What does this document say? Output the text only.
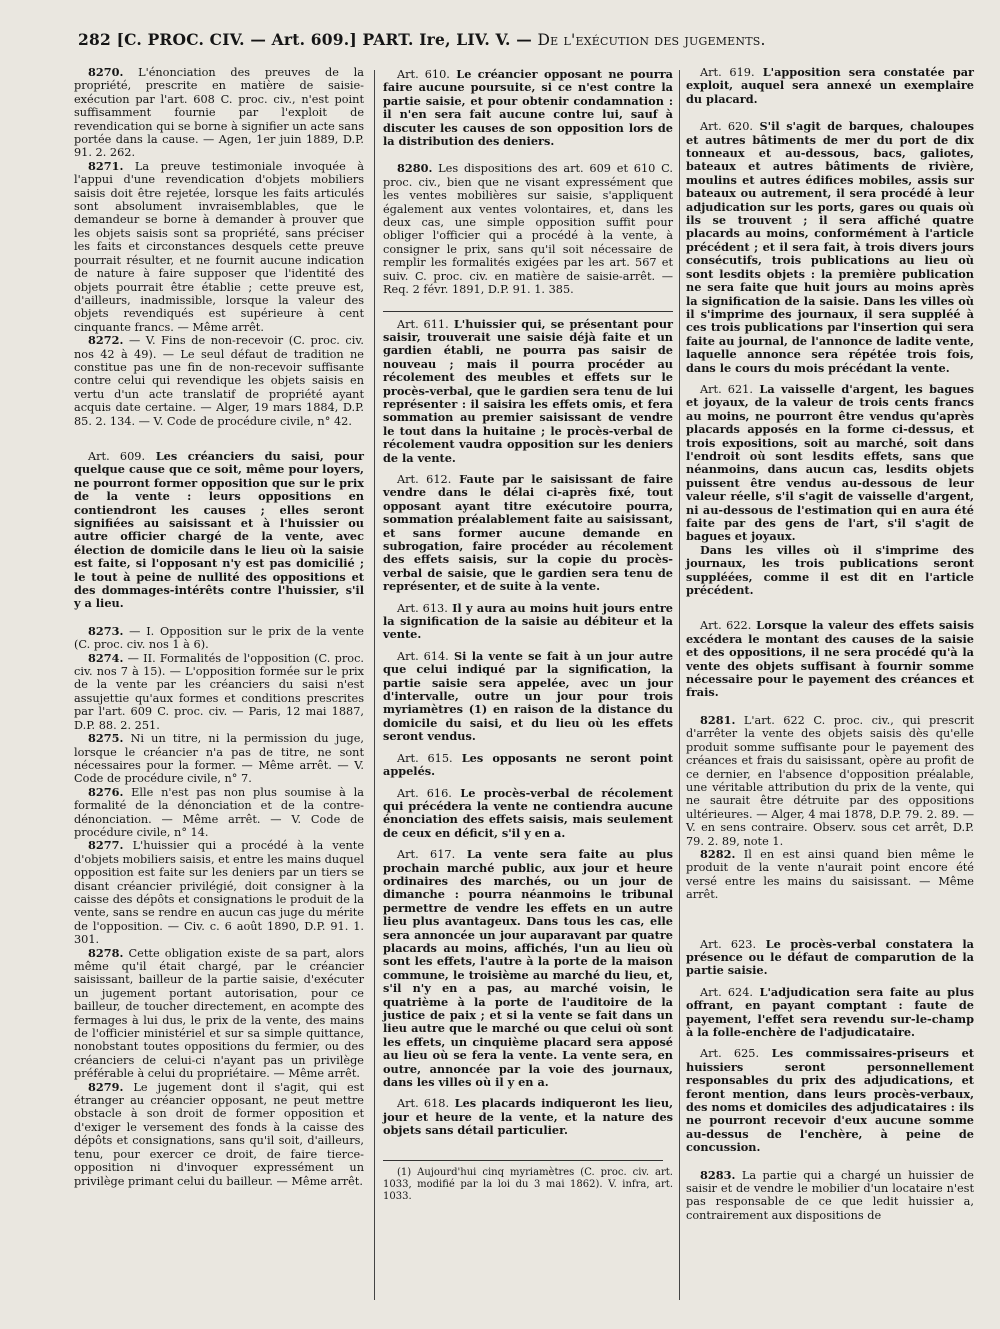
282 [C. PROC. CIV. — Art. 609.] PART. Ire, LIV. V. — De l'exécution des jugements.

8270. L'énonciation des preuves de la propriété, prescrite en matière de saisie-exécution par l'art. 608 C. proc. civ., n'est point suffisamment fournie par l'exploit de revendication qui se borne à signifier un acte sans portée dans la cause. — Agen, 1er juin 1889, D.P. 91. 2. 262.

8271. La preuve testimoniale invoquée à l'appui d'une revendication d'objets mobiliers saisis doit être rejetée, lorsque les faits articulés sont absolument invraisemblables, que le demandeur se borne à demander à prouver que les objets saisis sont sa propriété, sans préciser les faits et circonstances desquels cette preuve pourrait résulter, et ne fournit aucune indication de nature à faire supposer que l'identité des objets pourrait être établie ; cette preuve est, d'ailleurs, inadmissible, lorsque la valeur des objets revendiqués est supérieure à cent cinquante francs. — Même arrêt.

8272. — V. Fins de non-recevoir (C. proc. civ. nos 42 à 49). — Le seul défaut de tradition ne constitue pas une fin de non-recevoir suffisante contre celui qui revendique les objets saisis en vertu d'un acte translatif de propriété ayant acquis date certaine. — Alger, 19 mars 1884, D.P. 85. 2. 134. — V. Code de procédure civile, n° 42.

Art. 609. Les créanciers du saisi, pour quelque cause que ce soit, même pour loyers, ne pourront former opposition que sur le prix de la vente : leurs oppositions en contiendront les causes ; elles seront signifiées au saisissant et à l'huissier ou autre officier chargé de la vente, avec élection de domicile dans le lieu où la saisie est faite, si l'opposant n'y est pas domicilié ; le tout à peine de nullité des oppositions et des dommages-intérêts contre l'huissier, s'il y a lieu.

8273. — I. Opposition sur le prix de la vente (C. proc. civ. nos 1 à 6).

8274. — II. Formalités de l'opposition (C. proc. civ. nos 7 à 15). — L'opposition formée sur le prix de la vente par les créanciers du saisi n'est assujettie qu'aux formes et conditions prescrites par l'art. 609 C. proc. civ. — Paris, 12 mai 1887, D.P. 88. 2. 251.

8275. Ni un titre, ni la permission du juge, lorsque le créancier n'a pas de titre, ne sont nécessaires pour la former. — Même arrêt. — V. Code de procédure civile, n° 7.

8276. Elle n'est pas non plus soumise à la formalité de la dénonciation et de la contre-dénonciation. — Même arrêt. — V. Code de procédure civile, n° 14.

8277. L'huissier qui a procédé à la vente d'objets mobiliers saisis, et entre les mains duquel opposition est faite sur les deniers par un tiers se disant créancier privilégié, doit consigner à la caisse des dépôts et consignations le produit de la vente, sans se rendre en aucun cas juge du mérite de l'opposition. — Civ. c. 6 août 1890, D.P. 91. 1. 301.

8278. Cette obligation existe de sa part, alors même qu'il était chargé, par le créancier saisissant, bailleur de la partie saisie, d'exécuter un jugement portant autorisation, pour ce bailleur, de toucher directement, en acompte des fermages à lui dus, le prix de la vente, des mains de l'officier ministériel et sur sa simple quittance, nonobstant toutes oppositions du fermier, ou des créanciers de celui-ci n'ayant pas un privilège préférable à celui du propriétaire. — Même arrêt.

8279. Le jugement dont il s'agit, qui est étranger au créancier opposant, ne peut mettre obstacle à son droit de former opposition et d'exiger le versement des fonds à la caisse des dépôts et consignations, sans qu'il soit, d'ailleurs, tenu, pour exercer ce droit, de faire tierce-opposition ni d'invoquer expressément un privilège primant celui du bailleur. — Même arrêt.

Art. 610. Le créancier opposant ne pourra faire aucune poursuite, si ce n'est contre la partie saisie, et pour obtenir condamnation : il n'en sera fait aucune contre lui, sauf à discuter les causes de son opposition lors de la distribution des deniers.

8280. Les dispositions des art. 609 et 610 C. proc. civ., bien que ne visant expressément que les ventes mobilières sur saisie, s'appliquent également aux ventes volontaires, et, dans les deux cas, une simple opposition suffit pour obliger l'officier qui a procédé à la vente, à consigner le prix, sans qu'il soit nécessaire de remplir les formalités exigées par les art. 567 et suiv. C. proc. civ. en matière de saisie-arrêt. — Req. 2 févr. 1891, D.P. 91. 1. 385.

Art. 611. L'huissier qui, se présentant pour saisir, trouverait une saisie déjà faite et un gardien établi, ne pourra pas saisir de nouveau ; mais il pourra procéder au récolement des meubles et effets sur le procès-verbal, que le gardien sera tenu de lui représenter : il saisira les effets omis, et fera sommation au premier saisissant de vendre le tout dans la huitaine ; le procès-verbal de récolement vaudra opposition sur les deniers de la vente.

Art. 612. Faute par le saisissant de faire vendre dans le délai ci-après fixé, tout opposant ayant titre exécutoire pourra, sommation préalablement faite au saisissant, et sans former aucune demande en subrogation, faire procéder au récolement des effets saisis, sur la copie du procès-verbal de saisie, que le gardien sera tenu de représenter, et de suite à la vente.

Art. 613. Il y aura au moins huit jours entre la signification de la saisie au débiteur et la vente.

Art. 614. Si la vente se fait à un jour autre que celui indiqué par la signification, la partie saisie sera appelée, avec un jour d'intervalle, outre un jour pour trois myriamètres (1) en raison de la distance du domicile du saisi, et du lieu où les effets seront vendus.

Art. 615. Les opposants ne seront point appelés.

Art. 616. Le procès-verbal de récolement qui précédera la vente ne contiendra aucune énonciation des effets saisis, mais seulement de ceux en déficit, s'il y en a.

Art. 617. La vente sera faite au plus prochain marché public, aux jour et heure ordinaires des marchés, ou un jour de dimanche : pourra néanmoins le tribunal permettre de vendre les effets en un autre lieu plus avantageux. Dans tous les cas, elle sera annoncée un jour auparavant par quatre placards au moins, affichés, l'un au lieu où sont les effets, l'autre à la porte de la maison commune, le troisième au marché du lieu, et, s'il n'y en a pas, au marché voisin, le quatrième à la porte de l'auditoire de la justice de paix ; et si la vente se fait dans un lieu autre que le marché ou que celui où sont les effets, un cinquième placard sera apposé au lieu où se fera la vente. La vente sera, en outre, annoncée par la voie des journaux, dans les villes où il y en a.

Art. 618. Les placards indiqueront les lieu, jour et heure de la vente, et la nature des objets sans détail particulier.

(1) Aujourd'hui cinq myriamètres (C. proc. civ. art. 1033, modifié par la loi du 3 mai 1862). V. infra, art. 1033.

Art. 619. L'apposition sera constatée par exploit, auquel sera annexé un exemplaire du placard.

Art. 620. S'il s'agit de barques, chaloupes et autres bâtiments de mer du port de dix tonneaux et au-dessous, bacs, galiotes, bateaux et autres bâtiments de rivière, moulins et autres édifices mobiles, assis sur bateaux ou autrement, il sera procédé à leur adjudication sur les ports, gares ou quais où ils se trouvent ; il sera affiché quatre placards au moins, conformément à l'article précédent ; et il sera fait, à trois divers jours consécutifs, trois publications au lieu où sont lesdits objets : la première publication ne sera faite que huit jours au moins après la signification de la saisie. Dans les villes où il s'imprime des journaux, il sera suppléé à ces trois publications par l'insertion qui sera faite au journal, de l'annonce de ladite vente, laquelle annonce sera répétée trois fois, dans le cours du mois précédant la vente.

Art. 621. La vaisselle d'argent, les bagues et joyaux, de la valeur de trois cents francs au moins, ne pourront être vendus qu'après placards apposés en la forme ci-dessus, et trois expositions, soit au marché, soit dans l'endroit où sont lesdits effets, sans que néanmoins, dans aucun cas, lesdits objets puissent être vendus au-dessous de leur valeur réelle, s'il s'agit de vaisselle d'argent, ni au-dessous de l'estimation qui en aura été faite par des gens de l'art, s'il s'agit de bagues et joyaux.

Dans les villes où il s'imprime des journaux, les trois publications seront suppléées, comme il est dit en l'article précédent.

Art. 622. Lorsque la valeur des effets saisis excédera le montant des causes de la saisie et des oppositions, il ne sera procédé qu'à la vente des objets suffisant à fournir somme nécessaire pour le payement des créances et frais.

8281. L'art. 622 C. proc. civ., qui prescrit d'arrêter la vente des objets saisis dès qu'elle produit somme suffisante pour le payement des créances et frais du saisissant, opère au profit de ce dernier, en l'absence d'opposition préalable, une véritable attribution du prix de la vente, qui ne saurait être détruite par des oppositions ultérieures. — Alger, 4 mai 1878, D.P. 79. 2. 89. — V. en sens contraire. Observ. sous cet arrêt, D.P. 79. 2. 89, note 1.

8282. Il en est ainsi quand bien même le produit de la vente n'aurait point encore été versé entre les mains du saisissant. — Même arrêt.

Art. 623. Le procès-verbal constatera la présence ou le défaut de comparution de la partie saisie.

Art. 624. L'adjudication sera faite au plus offrant, en payant comptant : faute de payement, l'effet sera revendu sur-le-champ à la folle-enchère de l'adjudicataire.

Art. 625. Les commissaires-priseurs et huissiers seront personnellement responsables du prix des adjudications, et feront mention, dans leurs procès-verbaux, des noms et domiciles des adjudicataires : ils ne pourront recevoir d'eux aucune somme au-dessus de l'enchère, à peine de concussion.

8283. La partie qui a chargé un huissier de saisir et de vendre le mobilier d'un locataire n'est pas responsable de ce que ledit huissier a, contrairement aux dispositions de
